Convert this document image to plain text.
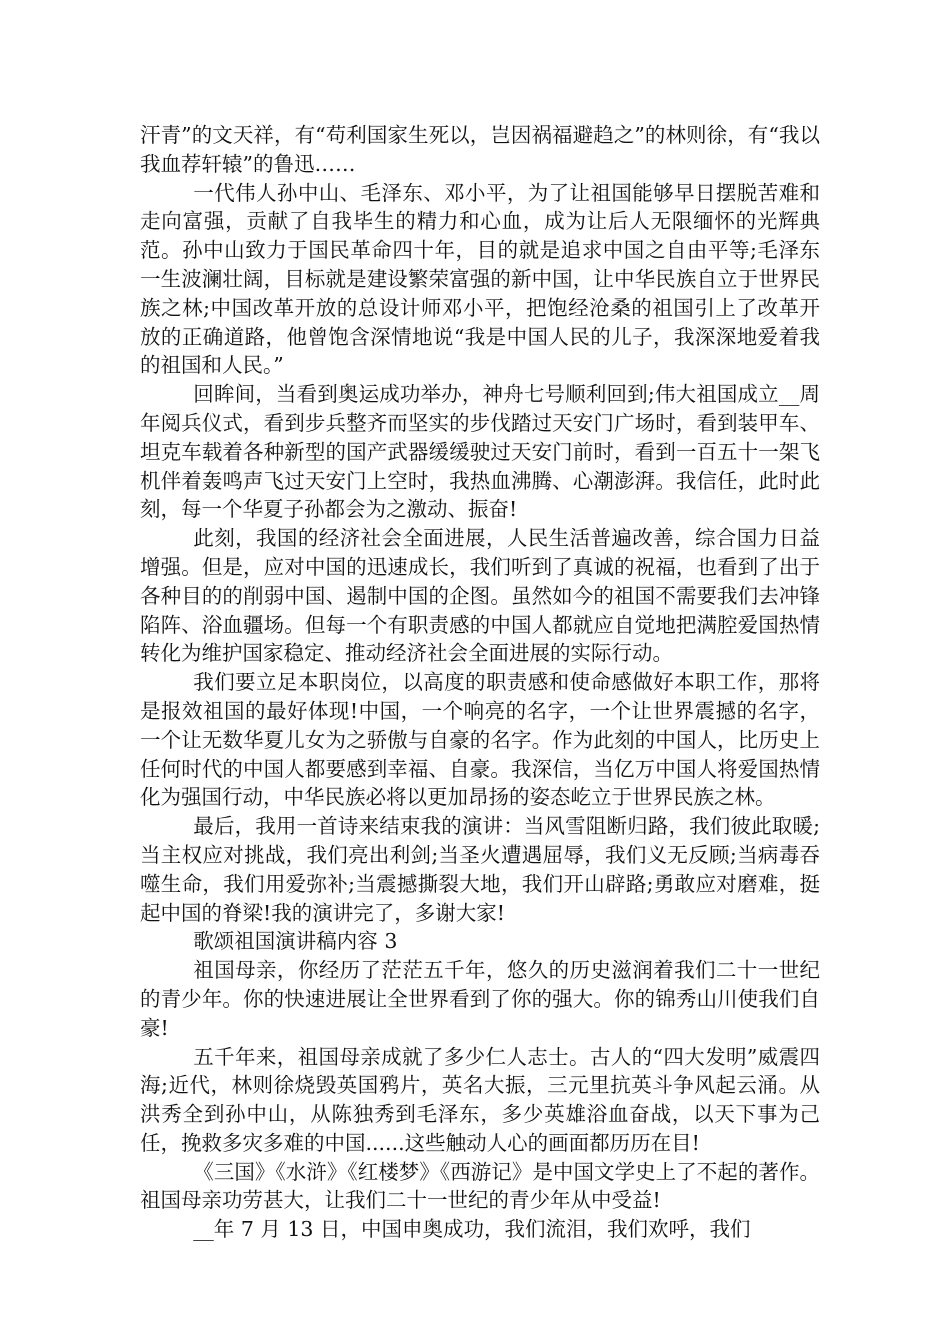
汗青”的文天祥，有“苟利国家生死以，岂因祸福避趋之”的林则徐，有“我以我血荐轩辕”的鲁迅……

一代伟人孙中山、毛泽东、邓小平，为了让祖国能够早日摆脱苦难和走向富强，贡献了自我毕生的精力和心血，成为让后人无限缅怀的光辉典范。孙中山致力于国民革命四十年，目的就是追求中国之自由平等;毛泽东一生波澜壮阔，目标就是建设繁荣富强的新中国，让中华民族自立于世界民族之林;中国改革开放的总设计师邓小平，把饱经沧桑的祖国引上了改革开放的正确道路，他曾饱含深情地说“我是中国人民的儿子，我深深地爱着我的祖国和人民。”

回眸间，当看到奥运成功举办，神舟七号顺利回到;伟大祖国成立__周年阅兵仪式，看到步兵整齐而坚实的步伐踏过天安门广场时，看到装甲车、坦克车载着各种新型的国产武器缓缓驶过天安门前时，看到一百五十一架飞机伴着轰鸣声飞过天安门上空时，我热血沸腾、心潮澎湃。我信任，此时此刻，每一个华夏子孙都会为之激动、振奋!

此刻，我国的经济社会全面进展，人民生活普遍改善，综合国力日益增强。但是，应对中国的迅速成长，我们听到了真诚的祝福，也看到了出于各种目的的削弱中国、遏制中国的企图。虽然如今的祖国不需要我们去冲锋陷阵、浴血疆场。但每一个有职责感的中国人都就应自觉地把满腔爱国热情转化为维护国家稳定、推动经济社会全面进展的实际行动。

我们要立足本职岗位，以高度的职责感和使命感做好本职工作，那将是报效祖国的最好体现!中国，一个响亮的名字，一个让世界震撼的名字，一个让无数华夏儿女为之骄傲与自豪的名字。作为此刻的中国人，比历史上任何时代的中国人都要感到幸福、自豪。我深信，当亿万中国人将爱国热情化为强国行动，中华民族必将以更加昂扬的姿态屹立于世界民族之林。

最后，我用一首诗来结束我的演讲：当风雪阻断归路，我们彼此取暖;当主权应对挑战，我们亮出利剑;当圣火遭遇屈辱，我们义无反顾;当病毒吞噬生命，我们用爱弥补;当震撼撕裂大地，我们开山辟路;勇敢应对磨难，挺起中国的脊梁!我的演讲完了，多谢大家!

歌颂祖国演讲稿内容 3

祖国母亲，你经历了茫茫五千年，悠久的历史滋润着我们二十一世纪的青少年。你的快速进展让全世界看到了你的强大。你的锦秀山川使我们自豪!

五千年来，祖国母亲成就了多少仁人志士。古人的“四大发明”威震四海;近代，林则徐烧毁英国鸦片，英名大振，三元里抗英斗争风起云涌。从洪秀全到孙中山，从陈独秀到毛泽东，多少英雄浴血奋战，以天下事为己任，挽救多灾多难的中国......这些触动人心的画面都历历在目!

《三国》《水浒》《红楼梦》《西游记》是中国文学史上了不起的著作。祖国母亲功劳甚大，让我们二十一世纪的青少年从中受益!

__年 7 月 13 日，中国申奥成功，我们流泪，我们欢呼，我们
